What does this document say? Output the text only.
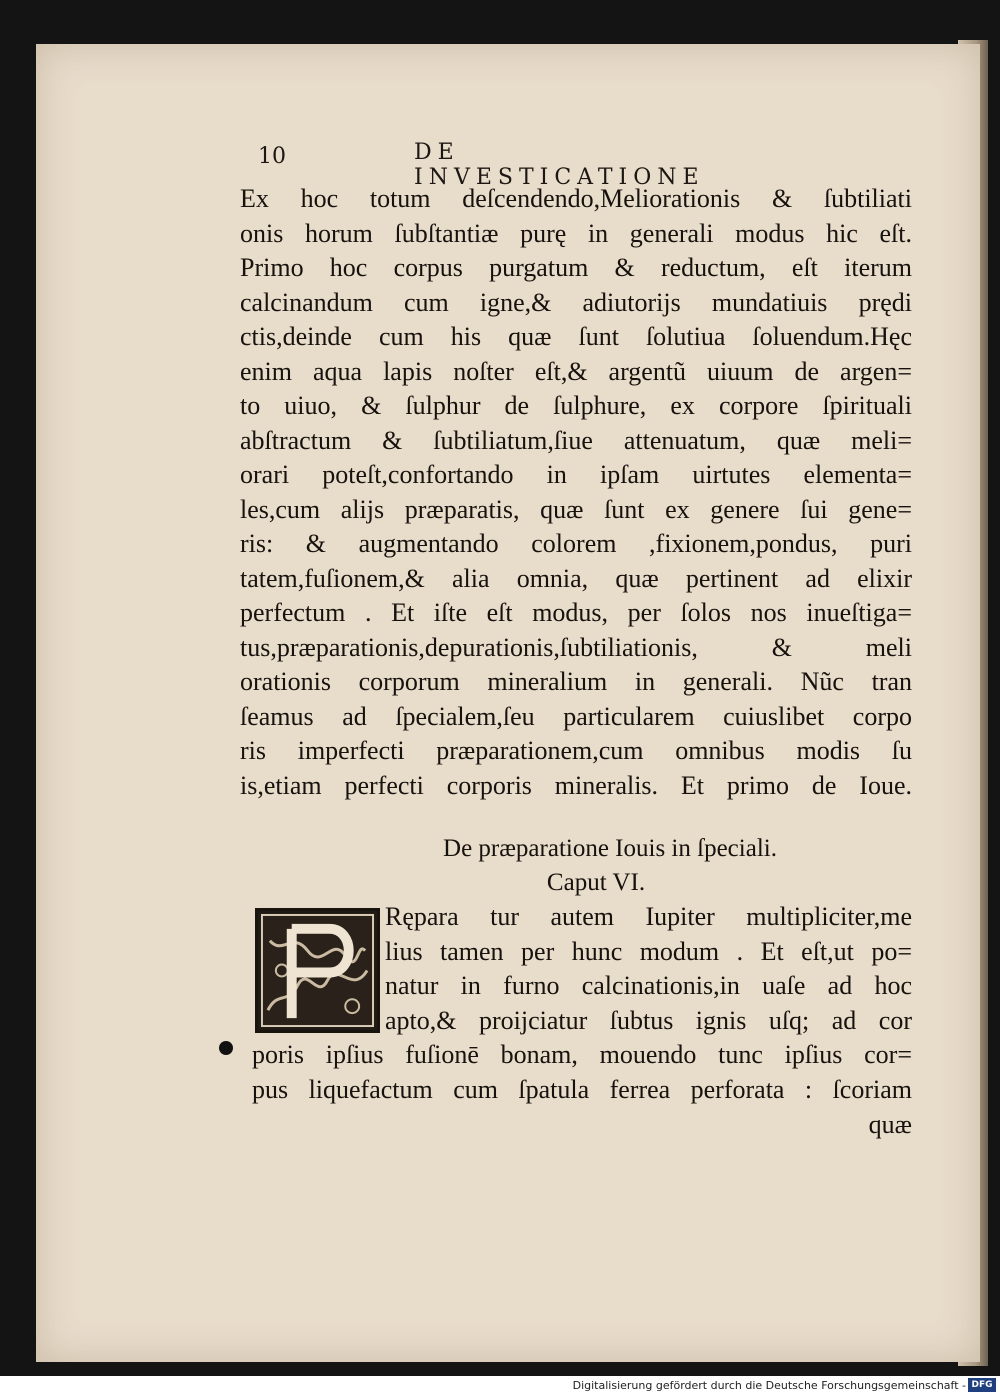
10	DE INVESTICATIONE
Ex hoc totum deſcendendo,Meliorationis & ſubtiliati
onis horum ſubſtantiæ purę in generali modus hic eſt.
Primo hoc corpus purgatum & reductum, eſt iterum
calcinandum cum igne,& adiutorijs mundatiuis prędi
ctis,deinde cum his quæ ſunt ſolutiua ſoluendum.Hęc
enim aqua lapis noſter eſt,& argentũ uiuum de argen=
to uiuo, & ſulphur de ſulphure, ex corpore ſpirituali
abſtractum & ſubtiliatum,ſiue attenuatum, quæ meli=
orari poteſt,confortando in ipſam uirtutes elementa=
les,cum alijs præparatis, quæ ſunt ex genere ſui gene=
ris: & augmentando colorem ,fixionem,pondus, puri
tatem,fuſionem,& alia omnia, quæ pertinent ad elixir
perfectum . Et iſte eſt modus, per ſolos nos inueſtiga=
tus,præparationis,depurationis,ſubtiliationis, & meli
orationis corporum mineralium in generali. Nũc tran
ſeamus ad ſpecialem,ſeu particularem cuiuslibet corpo
ris imperfecti præparationem,cum omnibus modis ſu
is,etiam perfecti corporis mineralis. Et primo de Ioue.
De præparatione Iouis in ſpeciali.
Caput VI.
Rępara tur autem Iupiter multipliciter,me
lius tamen per hunc modum . Et eſt,ut po=
natur in furno calcinationis,in uaſe ad hoc
apto,& proijciatur ſubtus ignis uſq; ad cor
poris ipſius fuſionē bonam, mouendo tunc ipſius cor=
pus liquefactum cum ſpatula ferrea perforata : ſcoriam
quæ
Digitalisierung gefördert durch die Deutsche Forschungsgemeinschaft - DFG
